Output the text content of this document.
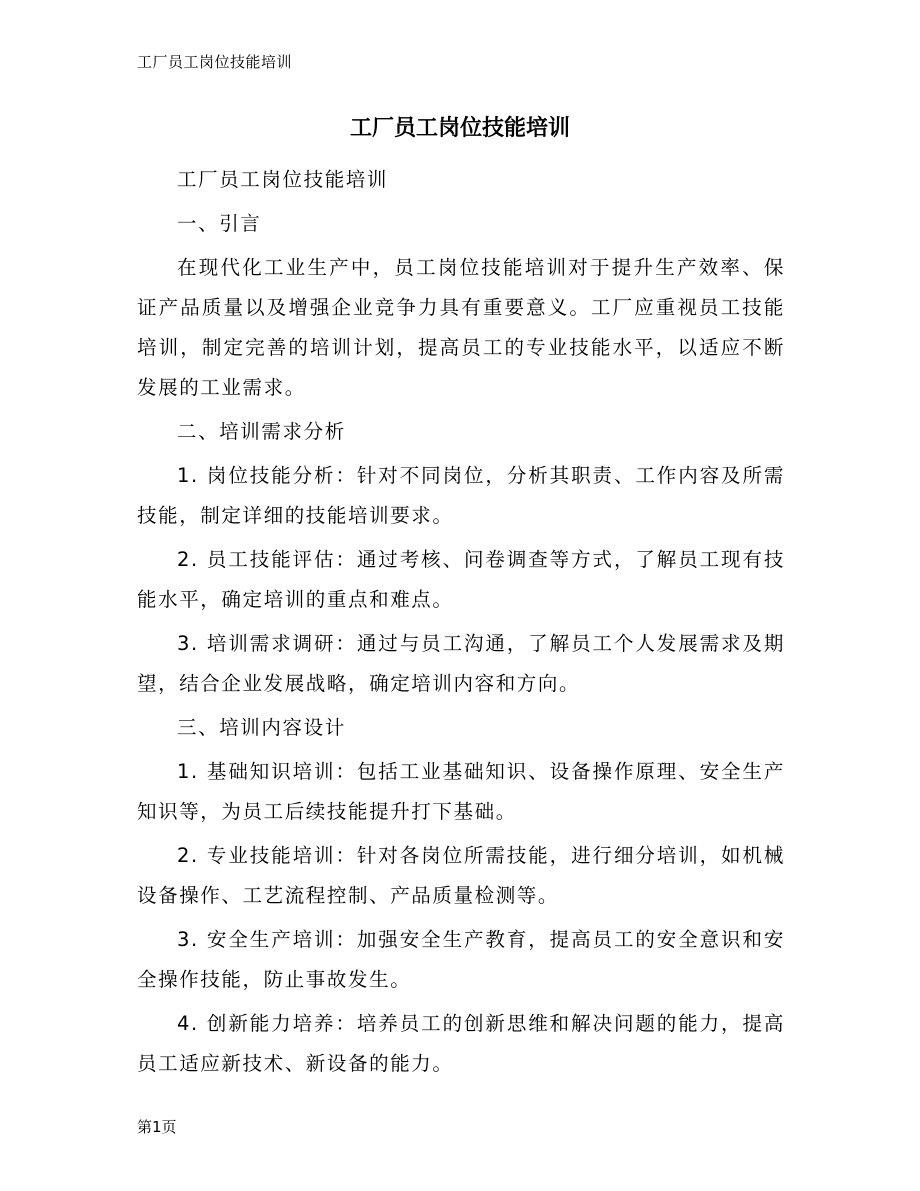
工厂员工岗位技能培训
工厂员工岗位技能培训

工厂员工岗位技能培训

一、引言

在现代化工业生产中，员工岗位技能培训对于提升生产效率、保证产品质量以及增强企业竞争力具有重要意义。工厂应重视员工技能培训，制定完善的培训计划，提高员工的专业技能水平，以适应不断发展的工业需求。

二、培训需求分析

1. 岗位技能分析：针对不同岗位，分析其职责、工作内容及所需技能，制定详细的技能培训要求。

2. 员工技能评估：通过考核、问卷调查等方式，了解员工现有技能水平，确定培训的重点和难点。

3. 培训需求调研：通过与员工沟通，了解员工个人发展需求及期望，结合企业发展战略，确定培训内容和方向。

三、培训内容设计

1. 基础知识培训：包括工业基础知识、设备操作原理、安全生产知识等，为员工后续技能提升打下基础。

2. 专业技能培训：针对各岗位所需技能，进行细分培训，如机械设备操作、工艺流程控制、产品质量检测等。

3. 安全生产培训：加强安全生产教育，提高员工的安全意识和安全操作技能，防止事故发生。

4. 创新能力培养：培养员工的创新思维和解决问题的能力，提高员工适应新技术、新设备的能力。

第1页
